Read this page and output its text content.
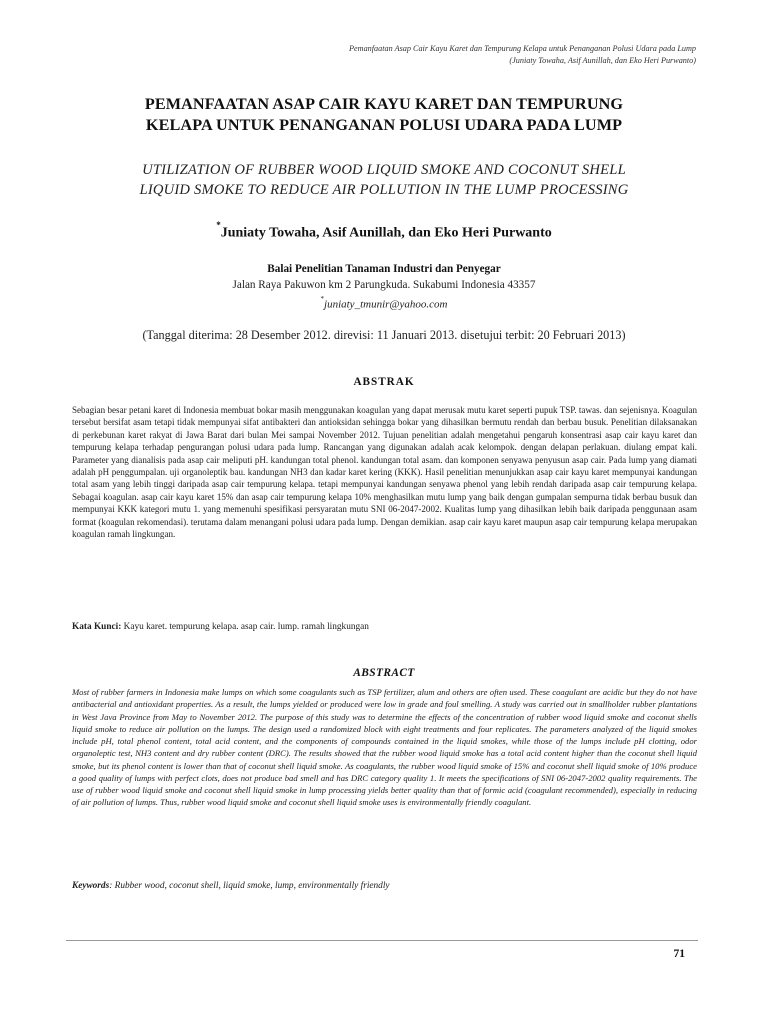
Pemanfaatan Asap Cair Kayu Karet dan Tempurung Kelapa untuk Penanganan Polusi Udara pada Lump
(Juniaty Towaha, Asif Aunillah, dan Eko Heri Purwanto)
PEMANFAATAN ASAP CAIR KAYU KARET DAN TEMPURUNG
KELAPA UNTUK PENANGANAN POLUSI UDARA PADA LUMP
UTILIZATION OF RUBBER WOOD LIQUID SMOKE AND COCONUT SHELL
LIQUID SMOKE TO REDUCE AIR POLLUTION IN THE LUMP PROCESSING
*Juniaty Towaha, Asif Aunillah, dan Eko Heri Purwanto
Balai Penelitian Tanaman Industri dan Penyegar
Jalan Raya Pakuwon km 2 Parungkuda. Sukabumi Indonesia 43357
*juniaty_tmunir@yahoo.com
(Tanggal diterima: 28 Desember 2012. direvisi: 11 Januari 2013. disetujui terbit: 20 Februari 2013)
ABSTRAK
Sebagian besar petani karet di Indonesia membuat bokar masih menggunakan koagulan yang dapat merusak mutu karet seperti pupuk TSP. tawas. dan sejenisnya. Koagulan tersebut bersifat asam tetapi tidak mempunyai sifat antibakteri dan antioksidan sehingga bokar yang dihasilkan bermutu rendah dan berbau busuk. Penelitian dilaksanakan di perkebunan karet rakyat di Jawa Barat dari bulan Mei sampai November 2012. Tujuan penelitian adalah mengetahui pengaruh konsentrasi asap cair kayu karet dan tempurung kelapa terhadap pengurangan polusi udara pada lump. Rancangan yang digunakan adalah acak kelompok. dengan delapan perlakuan. diulang empat kali. Parameter yang dianalisis pada asap cair meliputi pH. kandungan total phenol. kandungan total asam. dan komponen senyawa penyusun asap cair. Pada lump yang diamati adalah pH penggumpalan. uji organoleptik bau. kandungan NH3 dan kadar karet kering (KKK). Hasil penelitian menunjukkan asap cair kayu karet mempunyai kandungan total asam yang lebih tinggi daripada asap cair tempurung kelapa. tetapi mempunyai kandungan senyawa phenol yang lebih rendah daripada asap cair tempurung kelapa. Sebagai koagulan. asap cair kayu karet 15% dan asap cair tempurung kelapa 10% menghasilkan mutu lump yang baik dengan gumpalan sempurna tidak berbau busuk dan mempunyai KKK kategori mutu 1. yang memenuhi spesifikasi persyaratan mutu SNI 06-2047-2002. Kualitas lump yang dihasilkan lebih baik daripada penggunaan asam format (koagulan rekomendasi). terutama dalam menangani polusi udara pada lump. Dengan demikian. asap cair kayu karet maupun asap cair tempurung kelapa merupakan koagulan ramah lingkungan.
Kata Kunci: Kayu karet. tempurung kelapa. asap cair. lump. ramah lingkungan
ABSTRACT
Most of rubber farmers in Indonesia make lumps on which some coagulants such as TSP fertilizer, alum and others are often used. These coagulant are acidic but they do not have antibacterial and antioxidant properties. As a result, the lumps yielded or produced were low in grade and foul smelling. A study was carried out in smallholder rubber plantations in West Java Province from May to November 2012. The purpose of this study was to determine the effects of the concentration of rubber wood liquid smoke and coconut shells liquid smoke to reduce air pollution on the lumps. The design used a randomized block with eight treatments and four replicates. The parameters analyzed of the liquid smokes include pH, total phenol content, total acid content, and the components of compounds contained in the liquid smokes, while those of the lumps include pH clotting, odor organoleptic test, NH3 content and dry rubber content (DRC). The results showed that the rubber wood liquid smoke has a total acid content higher than the coconut shell liquid smoke, but its phenol content is lower than that of coconut shell liquid smoke. As coagulants, the rubber wood liquid smoke of 15% and coconut shell liquid smoke of 10% produce a good quality of lumps with perfect clots, does not produce bad smell and has DRC category quality 1. It meets the specifications of SNI 06-2047-2002 quality requirements. The use of rubber wood liquid smoke and coconut shell liquid smoke in lump processing yields better quality than that of formic acid (coagulant recommended), especially in reducing of air pollution of lumps. Thus, rubber wood liquid smoke and coconut shell liquid smoke uses is environmentally friendly coagulant.
Keywords: Rubber wood, coconut shell, liquid smoke, lump, environmentally friendly
71
